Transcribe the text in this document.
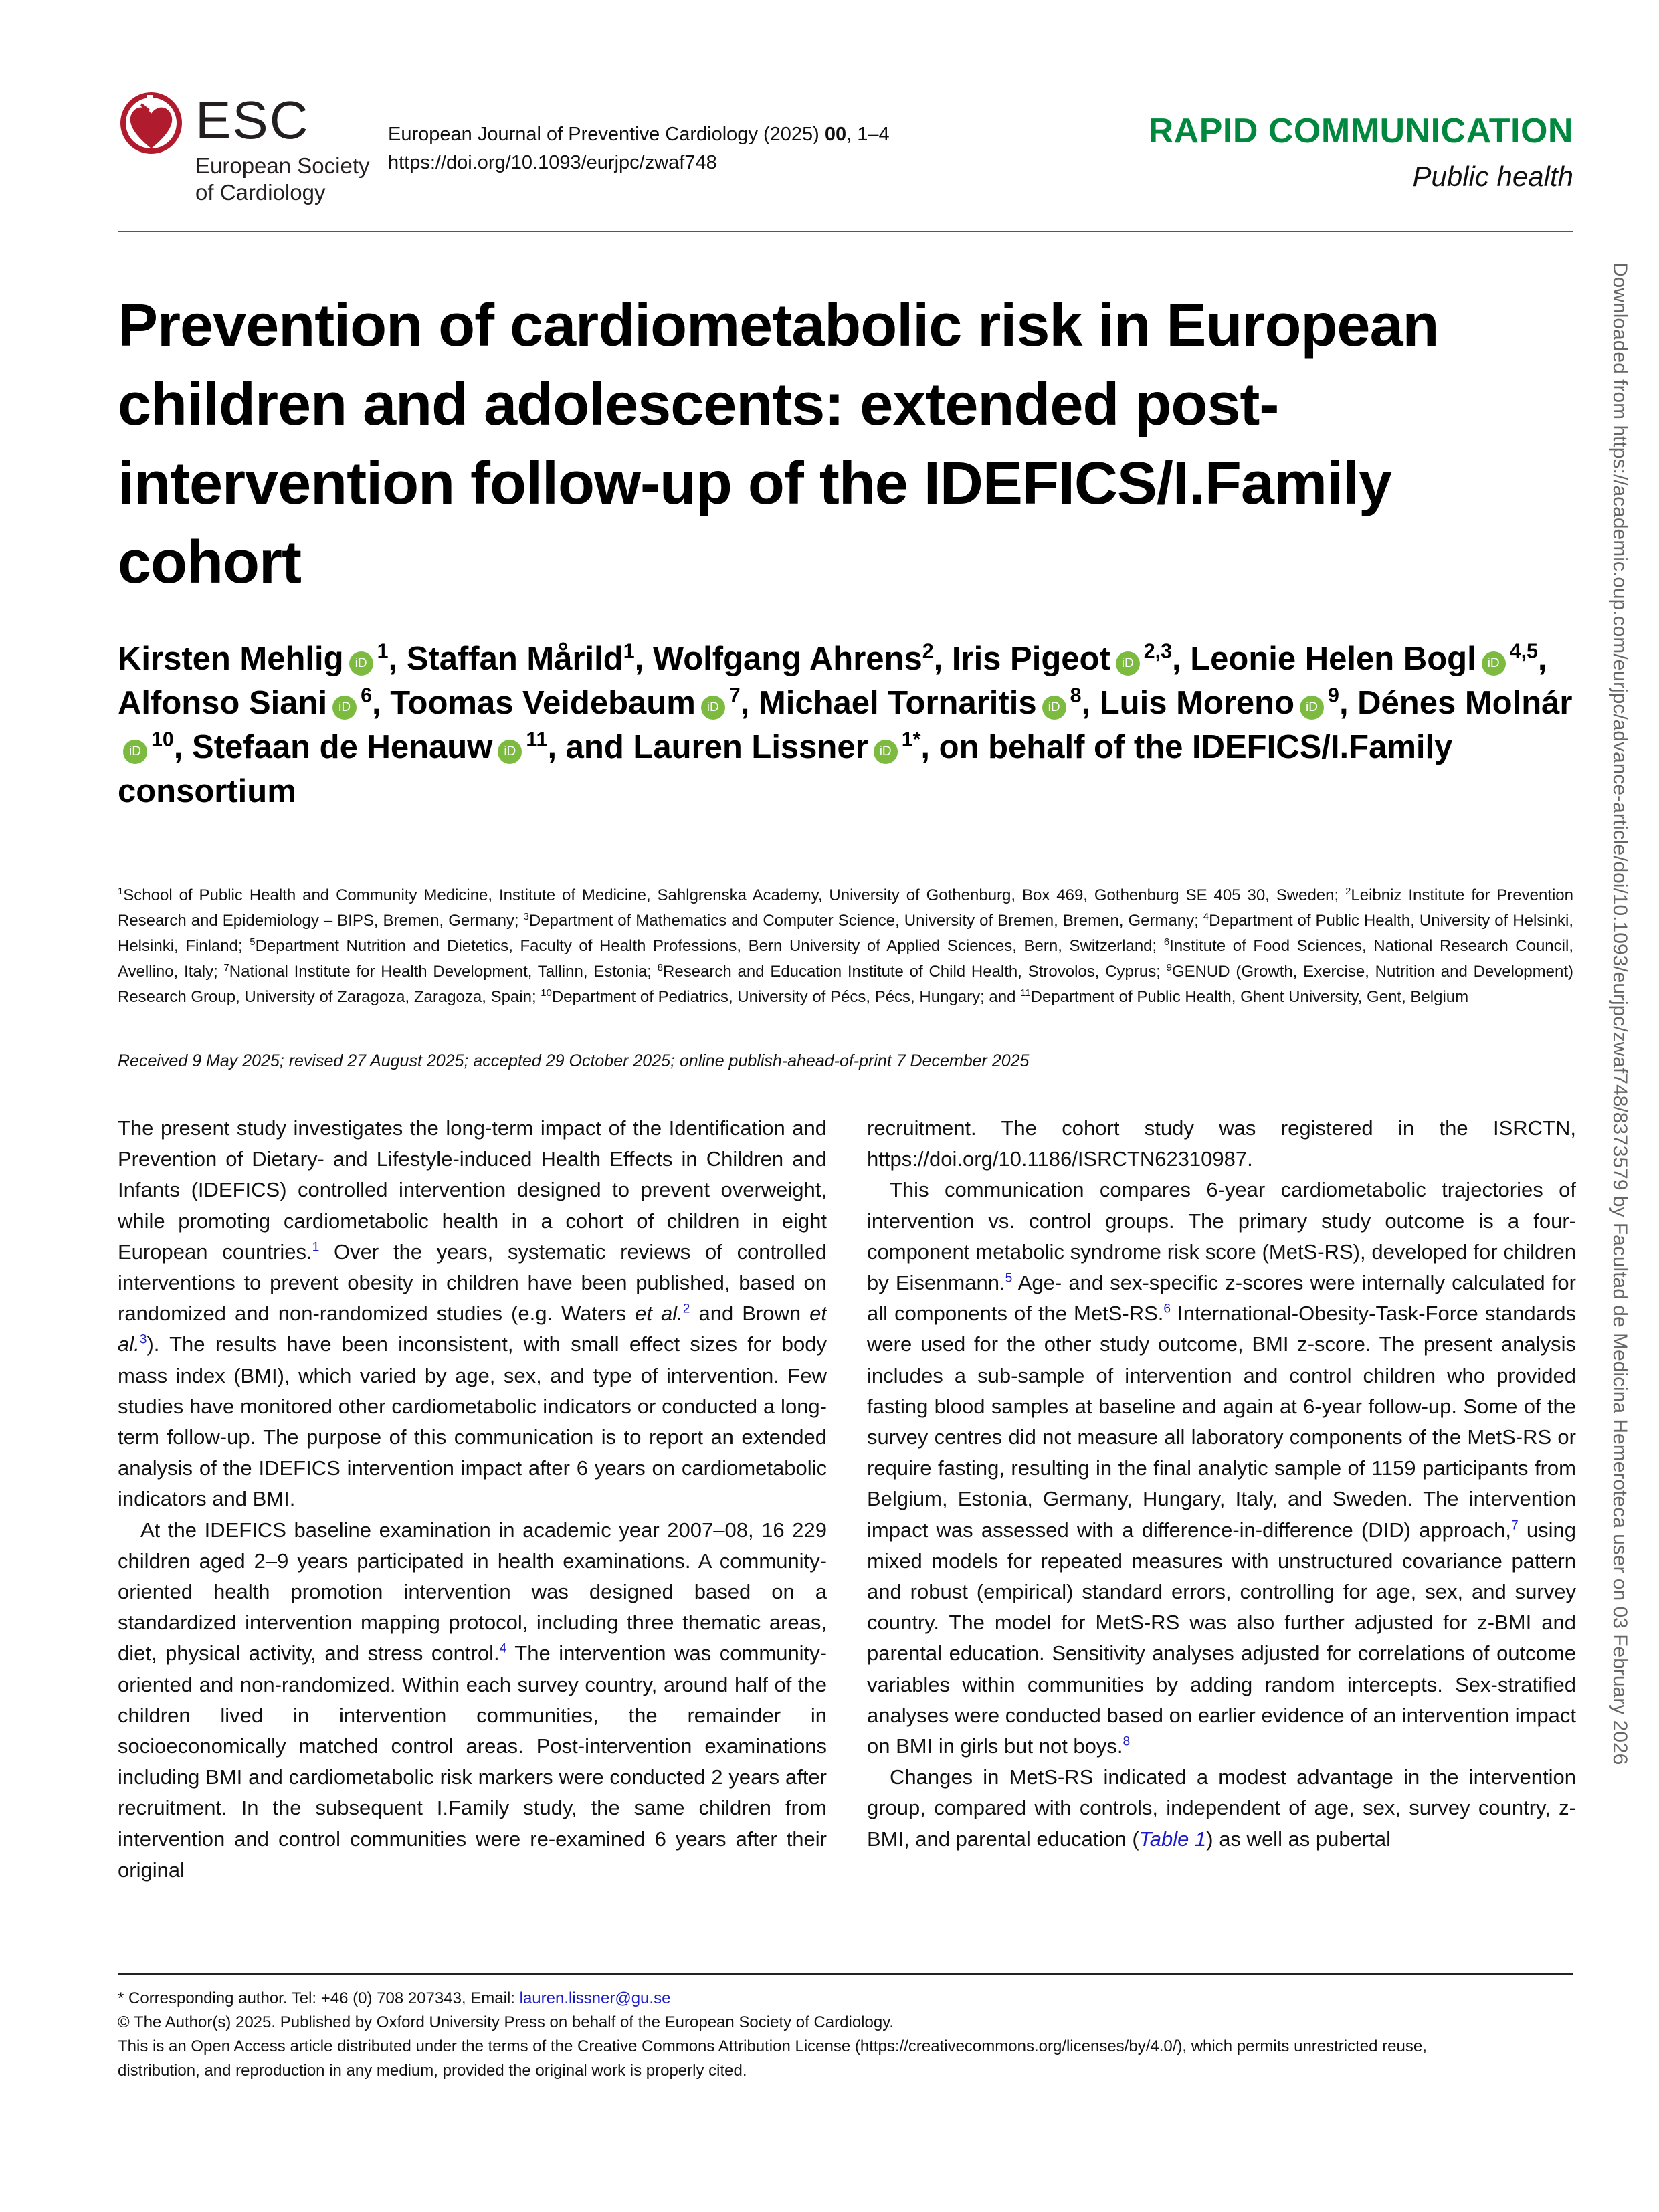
ESC
European Society
of Cardiology
European Journal of Preventive Cardiology (2025) 00, 1–4
https://doi.org/10.1093/eurjpc/zwaf748
RAPID COMMUNICATION
Public health
Downloaded from https://academic.oup.com/eurjpc/advance-article/doi/10.1093/eurjpc/zwaf748/8373579 by Facultad de Medicina Hemeroteca user on 03 February 2026
Prevention of cardiometabolic risk in European children and adolescents: extended post-intervention follow-up of the IDEFICS/I.Family cohort
Kirsten Mehlig $iD^1$, Staffan Mårild$^1$, Wolfgang Ahrens$^2$, Iris Pigeot iD$^{2,3}$, Leonie Helen Bogl iD$^{4,5}$, Alfonso Siani $iD^6$, Toomas Veidebaum $iD^7$, Michael Tornaritis $iD^8$, Luis Moreno $iD^9$, Dénes MolnáriD$^{10}$, Stefaan de Henauw $iD^{11}$, and Lauren Lissner $iD^{1*}$, on behalf of the IDEFICS/I.Family consortium
$^1$School of Public Health and Community Medicine, Institute of Medicine, Sahlgrenska Academy, University of Gothenburg, Box 469, Gothenburg SE 405 30, Sweden; $^2$Leibniz Institute for Prevention Research and Epidemiology – BIPS, Bremen, Germany; $^3$Department of Mathematics and Computer Science, University of Bremen, Bremen, Germany; $^4$Department of Public Health, University of Helsinki, Helsinki, Finland; $^5$Department Nutrition and Dietetics, Faculty of Health Professions, Bern University of Applied Sciences, Bern, Switzerland; $^6$Institute of Food Sciences, National Research Council, Avellino, Italy; $^7$National Institute for Health Development, Tallinn, Estonia; $^8$Research and Education Institute of Child Health, Strovolos, Cyprus; $^9$GENUD (Growth, Exercise, Nutrition and Development) Research Group, University of Zaragoza, Zaragoza, Spain; $^{10}$Department of Pediatrics, University of Pécs, Pécs, Hungary; and $^{11}$Department of Public Health, Ghent University, Gent, Belgium
Received 9 May 2025; revised 27 August 2025; accepted 29 October 2025; online publish-ahead-of-print 7 December 2025

The present study investigates the long-term impact of the Identification and Prevention of Dietary- and Lifestyle-induced Health Effects in Children and Infants (IDEFICS) controlled intervention designed to prevent overweight, while promoting cardiometabolic health in a cohort of children in eight European countries.$^1$ Over the years, systematic reviews of controlled interventions to prevent obesity in children have been published, based on randomized and non-randomized studies (e.g. Waters et al.$^2$ and Brown et al.$^3$). The results have been inconsistent, with small effect sizes for body mass index (BMI), which varied by age, sex, and type of intervention. Few studies have monitored other cardiometabolic indicators or conducted a long-term follow-up. The purpose of this communication is to report an extended analysis of the IDEFICS intervention impact after 6 years on cardiometabolic indicators and BMI.

At the IDEFICS baseline examination in academic year 2007–08, 16 229 children aged 2–9 years participated in health examinations. A community-oriented health promotion intervention was designed based on a standardized intervention mapping protocol, including three thematic areas, diet, physical activity, and stress control.$^4$ The intervention was community-oriented and non-randomized. Within each survey country, around half of the children lived in intervention communities, the remainder in socioeconomically matched control areas. Post-intervention examinations including BMI and cardiometabolic risk markers were conducted 2 years after recruitment. In the subsequent I.Family study, the same children from intervention and control communities were re-examined 6 years after their original

recruitment. The cohort study was registered in the ISRCTN, https://doi.org/10.1186/ISRCTN62310987.

This communication compares 6-year cardiometabolic trajectories of intervention vs. control groups. The primary study outcome is a four-component metabolic syndrome risk score (MetS-RS), developed for children by Eisenmann.$^5$ Age- and sex-specific z-scores were internally calculated for all components of the MetS-RS.$^6$ International-Obesity-Task-Force standards were used for the other study outcome, BMI z-score. The present analysis includes a sub-sample of intervention and control children who provided fasting blood samples at baseline and again at 6-year follow-up. Some of the survey centres did not measure all laboratory components of the MetS-RS or require fasting, resulting in the final analytic sample of 1159 participants from Belgium, Estonia, Germany, Hungary, Italy, and Sweden. The intervention impact was assessed with a difference-in-difference (DID) approach,$^7$ using mixed models for repeated measures with unstructured covariance pattern and robust (empirical) standard errors, controlling for age, sex, and survey country. The model for MetS-RS was also further adjusted for z-BMI and parental education. Sensitivity analyses adjusted for correlations of outcome variables within communities by adding random intercepts. Sex-stratified analyses were conducted based on earlier evidence of an intervention impact on BMI in girls but not boys.$^8$

Changes in MetS-RS indicated a modest advantage in the intervention group, compared with controls, independent of age, sex, survey country, z-BMI, and parental education (Table 1) as well as pubertal

* Corresponding author. Tel: +46 (0) 708 207343, Email: lauren.lissner@gu.se
© The Author(s) 2025. Published by Oxford University Press on behalf of the European Society of Cardiology.
This is an Open Access article distributed under the terms of the Creative Commons Attribution License (https://creativecommons.org/licenses/by/4.0/), which permits unrestricted reuse,
distribution, and reproduction in any medium, provided the original work is properly cited.
